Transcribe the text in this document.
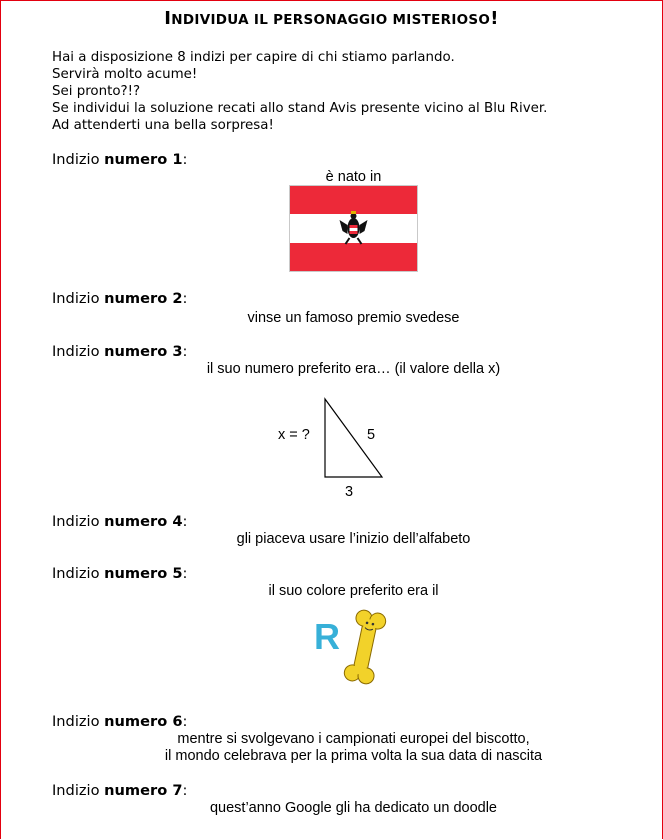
INDIVIDUA IL PERSONAGGIO MISTERIOSO!
Hai a disposizione 8 indizi per capire di chi stiamo parlando.
Servirà molto acume!
Sei pronto?!?
Se individui la soluzione recati allo stand Avis presente vicino al Blu River.
Ad attenderti una bella sorpresa!
Indizio numero 1:
è nato in
Indizio numero 2:
vinse un famoso premio svedese
Indizio numero 3:
il suo numero preferito era… (il valore della x)
x = ?	5
3
Indizio numero 4:
gli piaceva usare l’inizio dell’alfabeto
Indizio numero 5:
il suo colore preferito era il
R
Indizio numero 6:
mentre si svolgevano i campionati europei del biscotto,
il mondo celebrava per la prima volta la sua data di nascita
Indizio numero 7:
quest’anno Google gli ha dedicato un doodle
